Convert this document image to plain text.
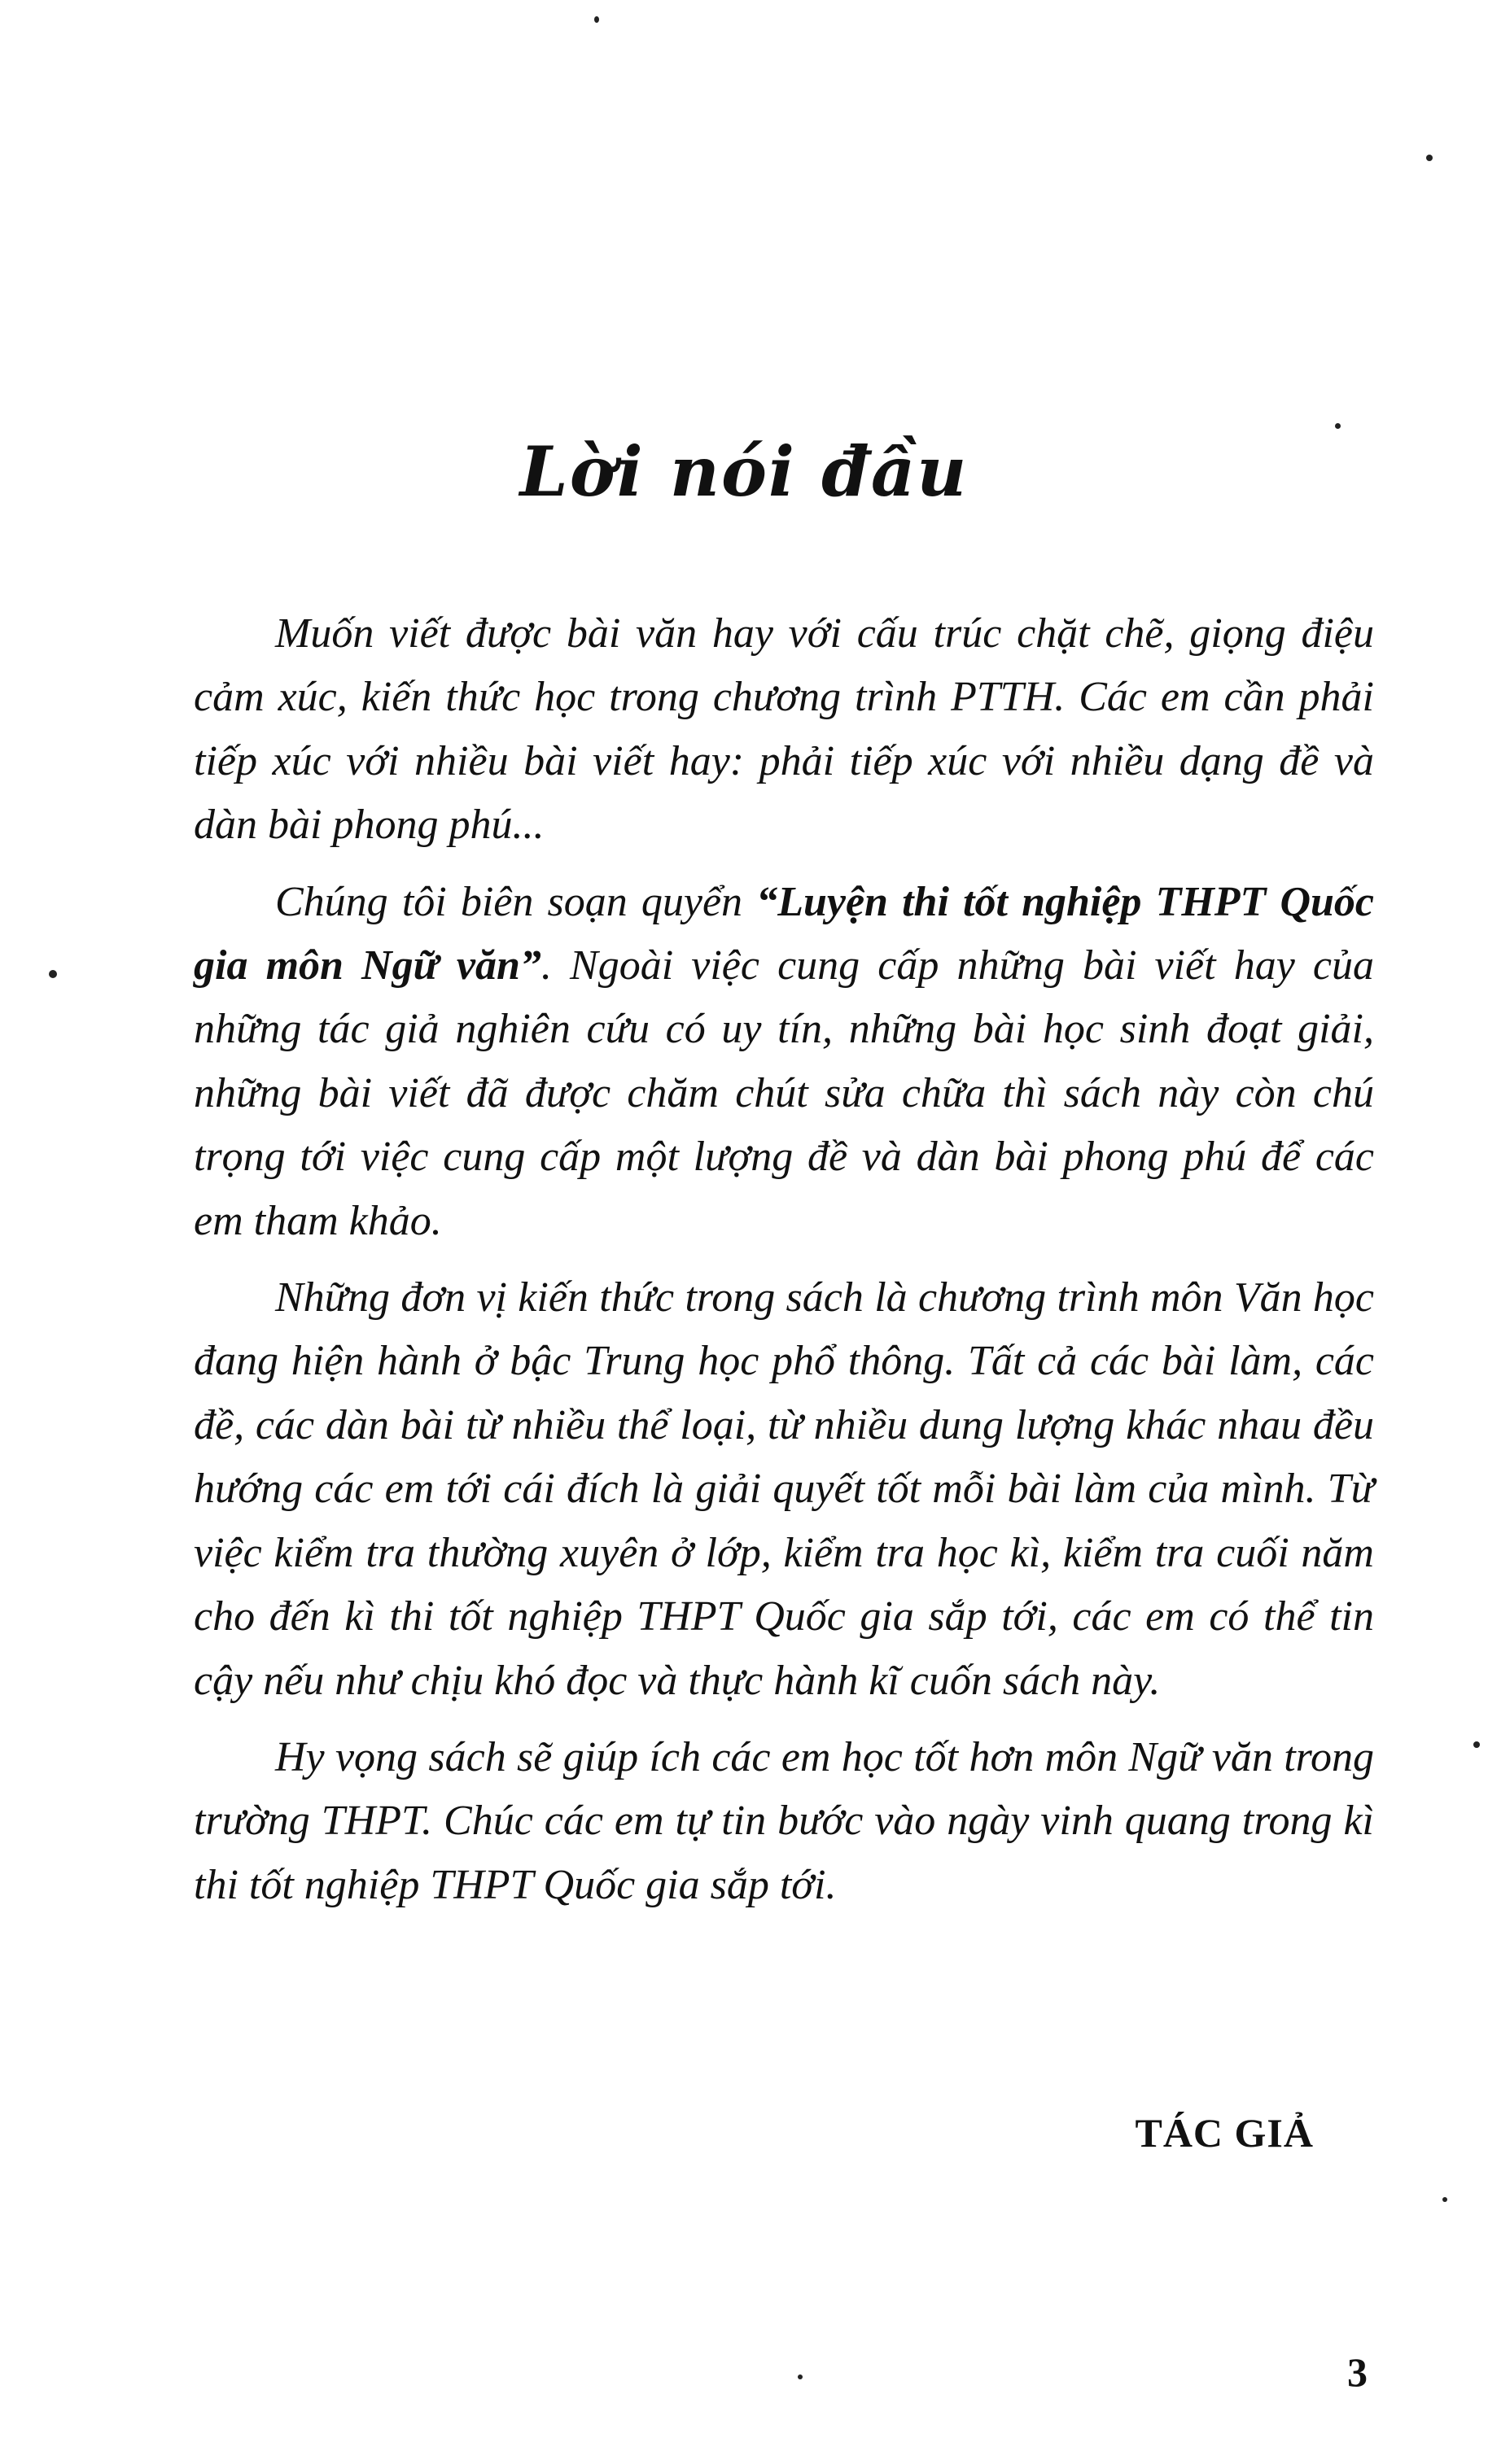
Lời nói đầu

Muốn viết được bài văn hay với cấu trúc chặt chẽ, giọng điệu cảm xúc, kiến thức học trong chương trình PTTH. Các em cần phải tiếp xúc với nhiều bài viết hay: phải tiếp xúc với nhiều dạng đề và dàn bài phong phú...

Chúng tôi biên soạn quyển “Luyện thi tốt nghiệp THPT Quốc gia môn Ngữ văn”. Ngoài việc cung cấp những bài viết hay của những tác giả nghiên cứu có uy tín, những bài học sinh đoạt giải, những bài viết đã được chăm chút sửa chữa thì sách này còn chú trọng tới việc cung cấp một lượng đề và dàn bài phong phú để các em tham khảo.

Những đơn vị kiến thức trong sách là chương trình môn Văn học đang hiện hành ở bậc Trung học phổ thông. Tất cả các bài làm, các đề, các dàn bài từ nhiều thể loại, từ nhiều dung lượng khác nhau đều hướng các em tới cái đích là giải quyết tốt mỗi bài làm của mình. Từ việc kiểm tra thường xuyên ở lớp, kiểm tra học kì, kiểm tra cuối năm cho đến kì thi tốt nghiệp THPT Quốc gia sắp tới, các em có thể tin cậy nếu như chịu khó đọc và thực hành kĩ cuốn sách này.

Hy vọng sách sẽ giúp ích các em học tốt hơn môn Ngữ văn trong trường THPT. Chúc các em tự tin bước vào ngày vinh quang trong kì thi tốt nghiệp THPT Quốc gia sắp tới.

TÁC GIẢ

3
